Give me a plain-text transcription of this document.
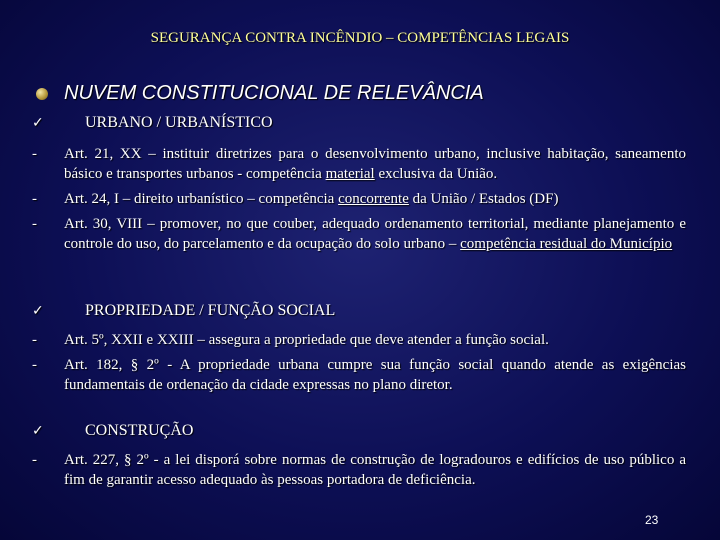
SEGURANÇA CONTRA INCÊNDIO – COMPETÊNCIAS LEGAIS
NUVEM CONSTITUCIONAL DE RELEVÂNCIA
✓	URBANO / URBANÍSTICO
-	Art. 21, XX – instituir diretrizes para o desenvolvimento urbano, inclusive habitação, saneamento básico e transportes urbanos - competência material exclusiva da União.
-	Art. 24, I – direito urbanístico – competência concorrente da União / Estados (DF)
-	Art. 30, VIII – promover, no que couber, adequado ordenamento territorial, mediante planejamento e controle do uso, do parcelamento e da ocupação do solo urbano – competência residual do Município
✓	PROPRIEDADE / FUNÇÃO SOCIAL
-	Art. 5º, XXII e XXIII – assegura a propriedade que deve atender a função social.
-	Art. 182, § 2º - A propriedade urbana cumpre sua função social quando atende as exigências fundamentais de ordenação da cidade expressas no plano diretor.
✓	CONSTRUÇÃO
-	Art. 227, § 2º - a lei disporá sobre normas de construção de logradouros e edifícios de uso público a fim de garantir acesso adequado às pessoas portadora de deficiência.
23
